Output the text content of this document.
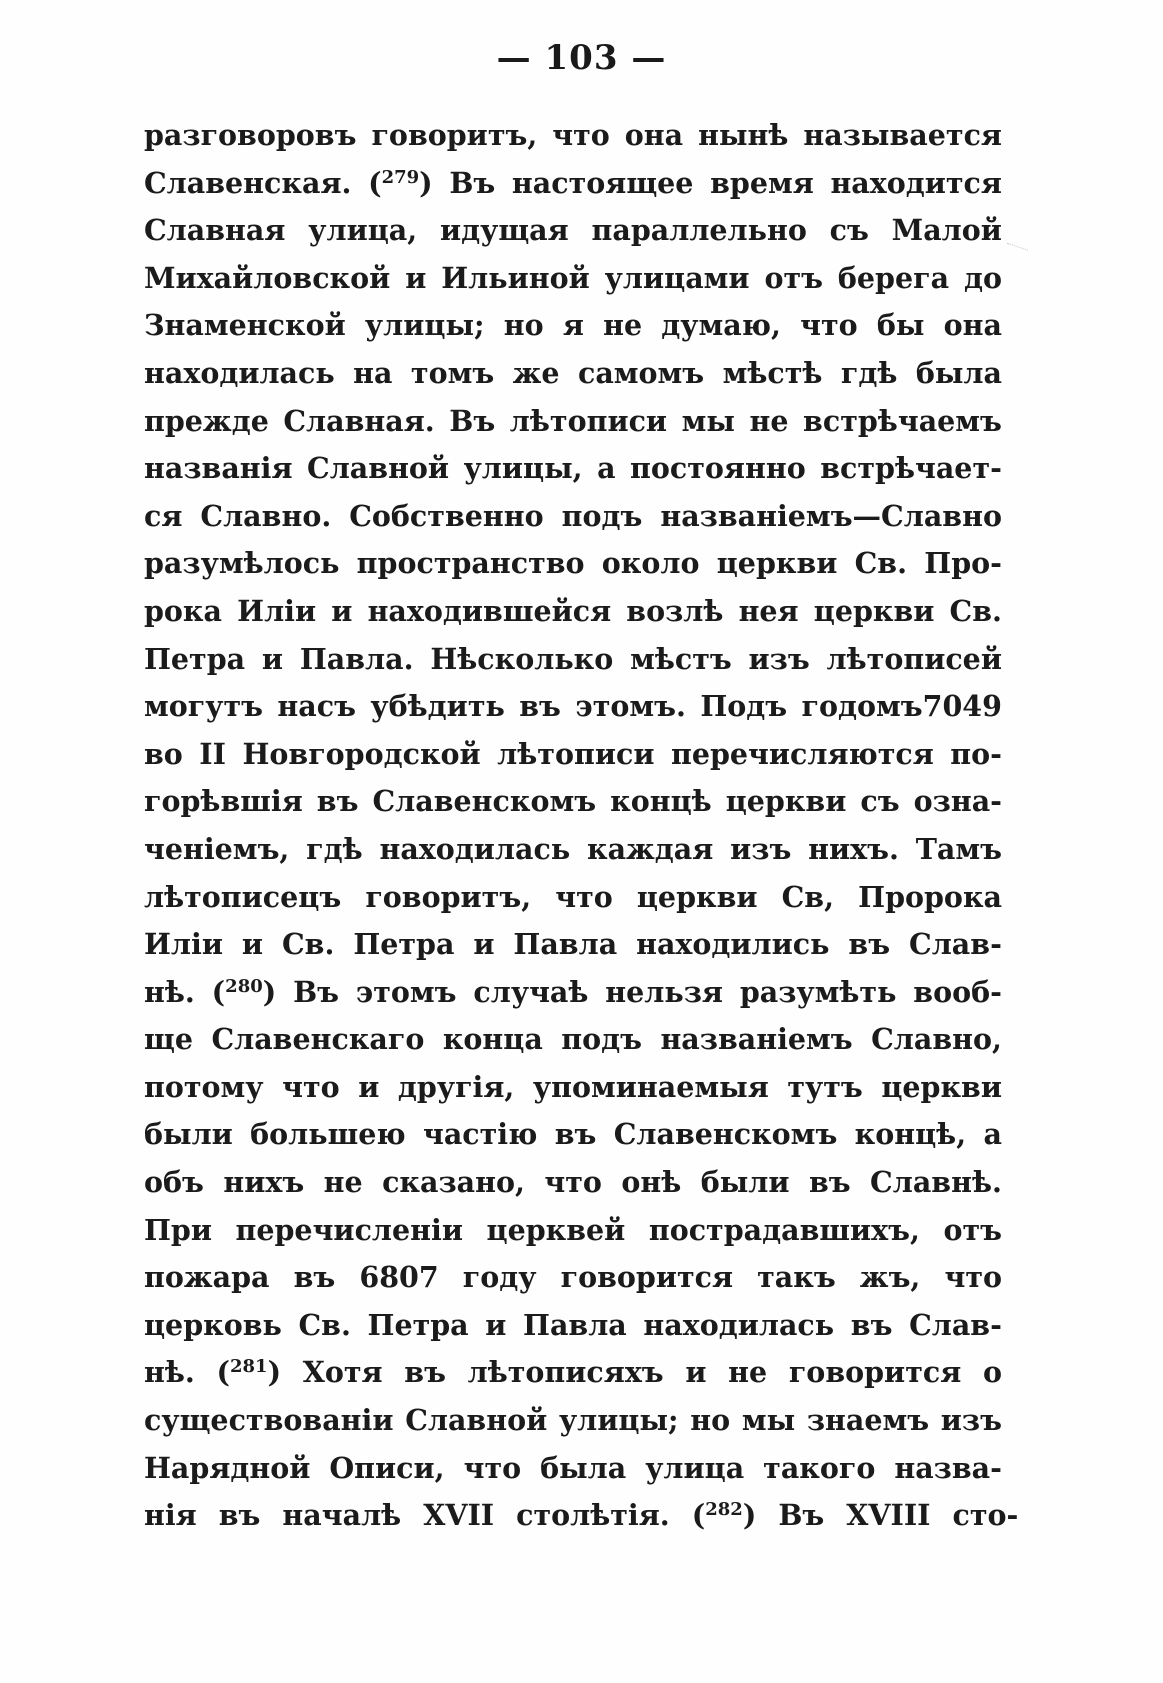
— 103 —
разговоровъ говоритъ, что она нынѣ называется
Славенская. ($^{279}$) Въ настоящее время находится
Славная улица, идущая параллельно съ Малой
Михайловской и Ильиной улицами отъ берега до
Знаменской улицы; но я не думаю, что бы она
находилась на томъ же самомъ мѣстѣ гдѣ была
прежде Славная. Въ лѣтописи мы не встрѣчаемъ
названія Славной улицы, а постоянно встрѣчает-
ся Славно. Собственно подъ названіемъ—Славно
разумѣлось пространство около церкви Св. Про-
рока Иліи и находившейся возлѣ нея церкви Св.
Петра и Павла. Нѣсколько мѣстъ изъ лѣтописей
могутъ насъ убѣдить въ этомъ. Подъ годомъ7049
во II Новгородской лѣтописи перечисляются по-
горѣвшія въ Славенскомъ концѣ церкви съ озна-
ченіемъ, гдѣ находилась каждая изъ нихъ. Тамъ
лѣтописецъ говоритъ, что церкви Св, Пророка
Иліи и Св. Петра и Павла находились въ Слав-
нѣ. ($^{280}$) Въ этомъ случаѣ нельзя разумѣть вооб-
ще Славенскаго конца подъ названіемъ Славно,
потому что и другія, упоминаемыя тутъ церкви
были большею частію въ Славенскомъ концѣ, а
объ нихъ не сказано, что онѣ были въ Славнѣ.
При перечисленіи церквей пострадавшихъ, отъ
пожара въ 6807 году говорится такъ жъ, что
церковь Св. Петра и Павла находилась въ Слав-
нѣ. ($^{281}$) Хотя въ лѣтописяхъ и не говорится о
существованіи Славной улицы; но мы знаемъ изъ
Нарядной Описи, что была улица такого назва-
нія въ началѣ XVII столѣтія. ($^{282}$) Въ XVIII сто-
